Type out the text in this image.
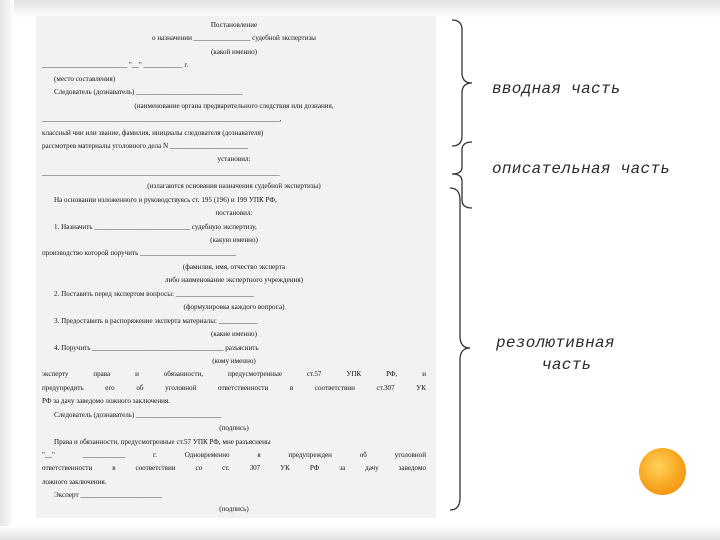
Постановление
о назначении ________________ судебной экспертизы
(какой именно)
________________________ "__" ___________ г.
(место составления)
Следователь (дознаватель) ______________________________
(наименование органа предварительного следствия или дознания,
___________________________________________________________________,
классный чин или звание, фамилия, инициалы следователя (дознавателя)
рассмотрев материалы уголовного дела N ______________________
установил:
___________________________________________________________________
(излагаются основания назначения судебной экспертизы)
На основании изложенного и руководствуясь ст. 195 (196) и 199 УПК РФ,
постановил:
1. Назначить ___________________________ судебную экспертизу,
(какую именно)
производство которой поручить ___________________________
(фамилия, имя, отчество эксперта
либо наименование экспертного учреждения)
2. Поставить перед экспертом вопросы: ______________________
(формулировка каждого вопроса)
3. Предоставить в распоряжение эксперта материалы: ___________
(какие именно)
4. Поручить _____________________________________ разъяснить
(кому именно)
эксперту права и обязанности, предусмотренные ст.57 УПК РФ, и
предупредить его об уголовной ответственности в соответствии ст.307 УК
РФ за дачу заведомо ложного заключения.
Следователь (дознаватель) ________________________
(подпись)
Права и обязанности, предусмотренные ст.57 УПК РФ, мне разъяснены
"__" ____________ г. Одновременно я предупрежден об уголовной
ответственности в соответствии со ст. 307 УК РФ за дачу заведомо
ложного заключения.
Эксперт _______________________
(подпись)
вводная часть
описательная часть
резолютивная
часть
